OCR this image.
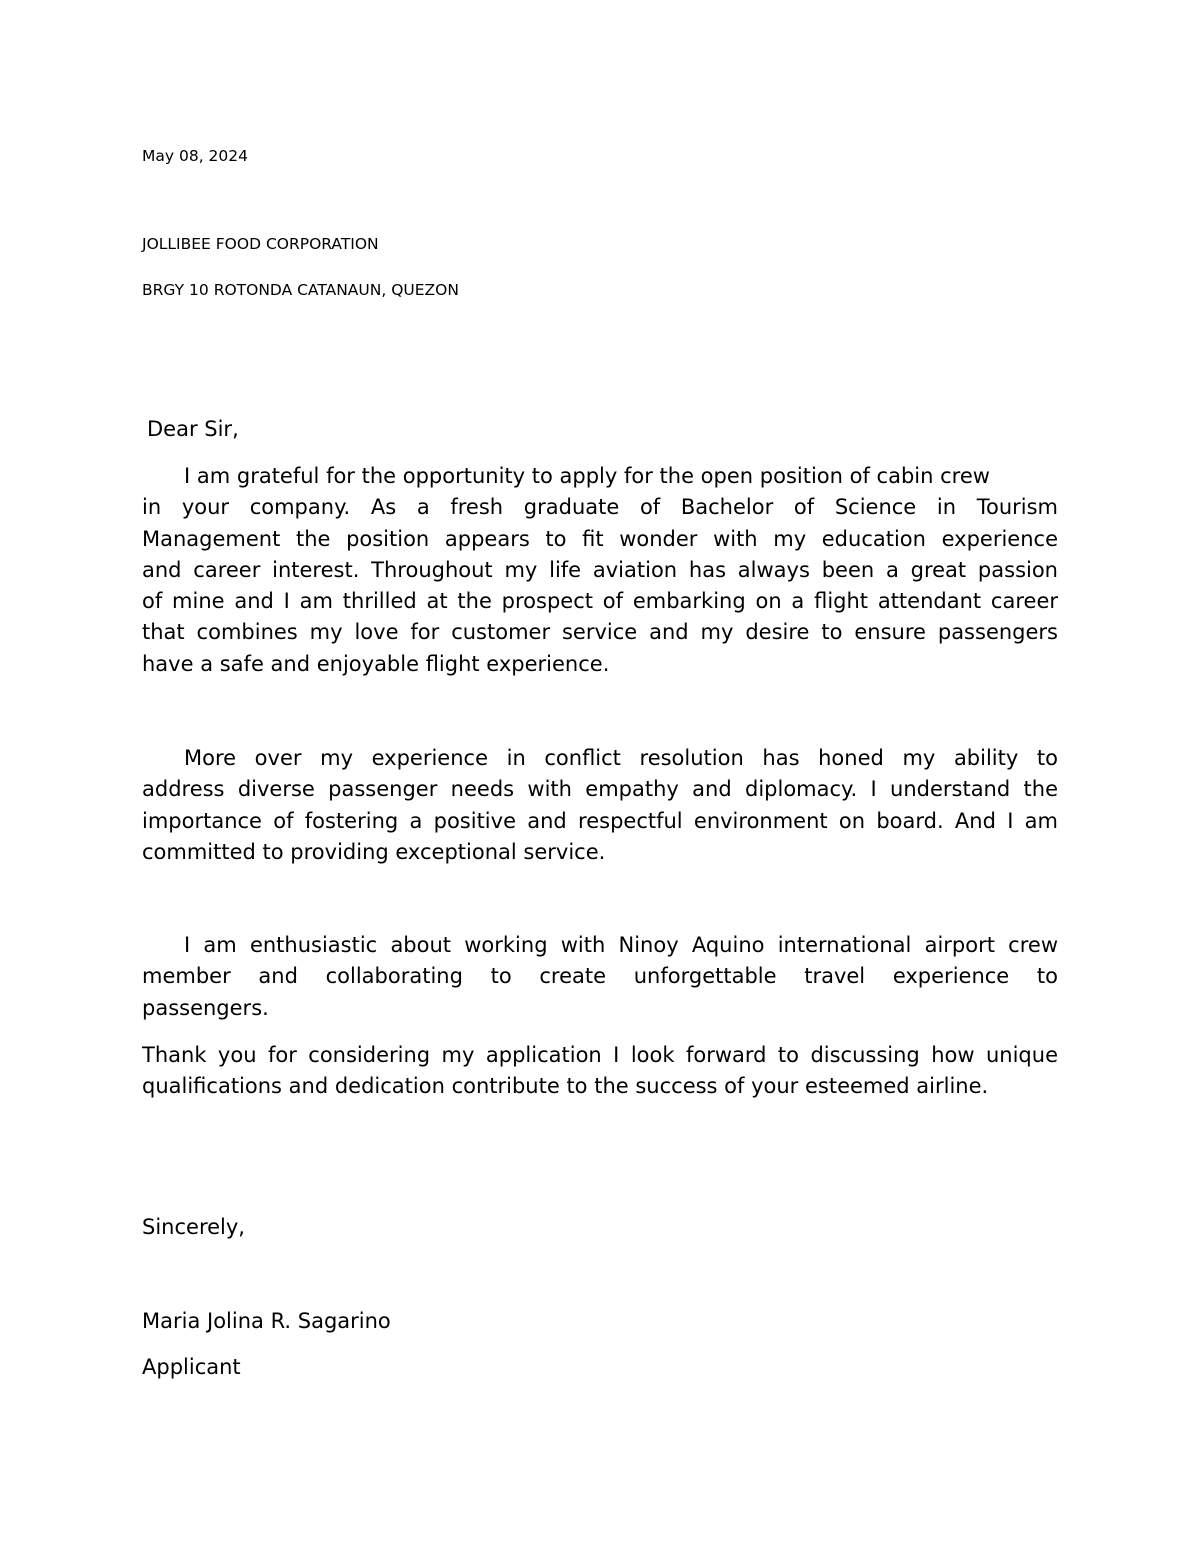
May 08, 2024
JOLLIBEE FOOD CORPORATION
BRGY 10 ROTONDA CATANAUN, QUEZON
Dear Sir,
I am grateful for the opportunity to apply for the open position of cabin crew
in your company. As a fresh graduate of Bachelor of Science in Tourism
Management the position appears to fit wonder with my education experience
and career interest. Throughout my life aviation has always been a great passion
of mine and I am thrilled at the prospect of embarking on a flight attendant career
that combines my love for customer service and my desire to ensure passengers
have a safe and enjoyable flight experience.
More over my experience in conflict resolution has honed my ability to
address diverse passenger needs with empathy and diplomacy. I understand the
importance of fostering a positive and respectful environment on board. And I am
committed to providing exceptional service.
I am enthusiastic about working with Ninoy Aquino international airport crew
member and collaborating to create unforgettable travel experience to
passengers.
Thank you for considering my application I look forward to discussing how unique
qualifications and dedication contribute to the success of your esteemed airline.
Sincerely,
Maria Jolina R. Sagarino
Applicant
